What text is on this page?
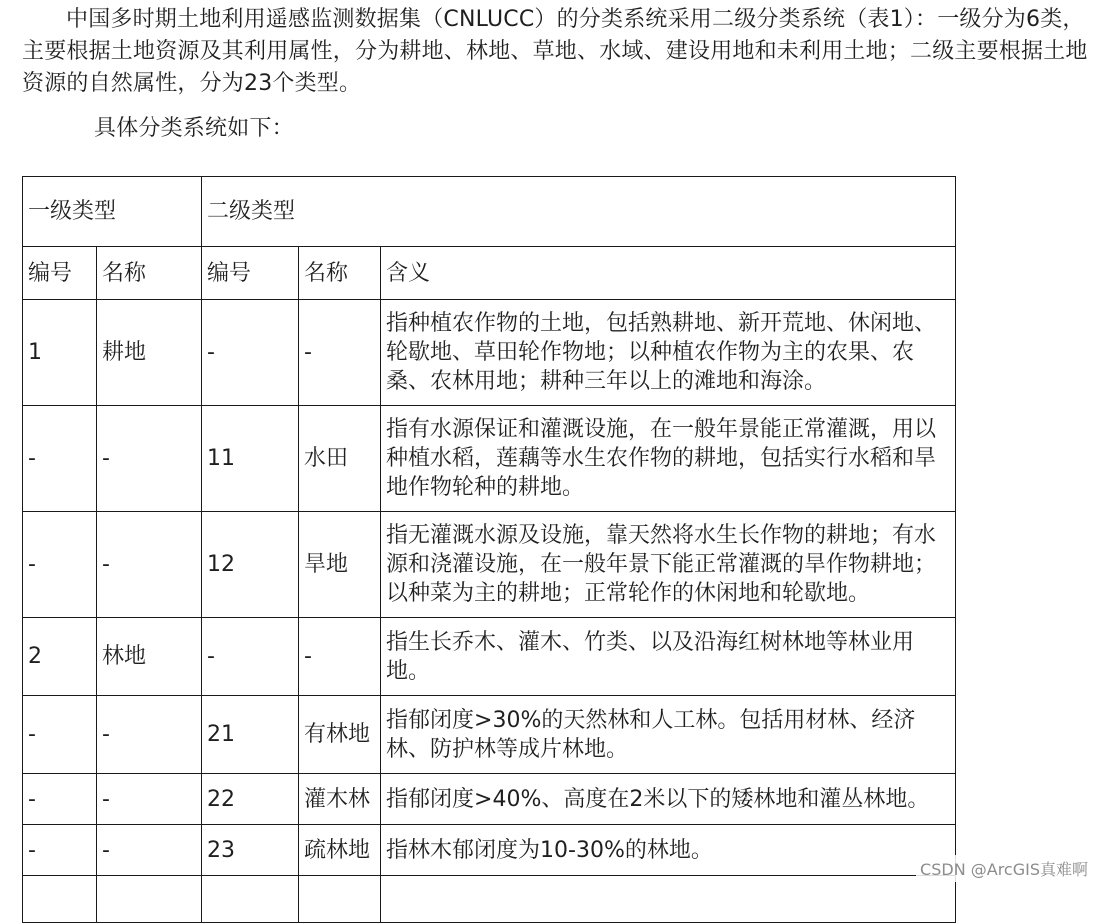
中国多时期土地利用遥感监测数据集（CNLUCC）的分类系统采用二级分类系统（表1）：一级分为6类，主要根据土地资源及其利用属性，分为耕地、林地、草地、水域、建设用地和未利用土地；二级主要根据土地资源的自然属性，分为23个类型。

具体分类系统如下：

一级类型		二级类型		
编号	名称	编号	名称	含义
1	耕地	-	-	指种植农作物的土地，包括熟耕地、新开荒地、休闲地、轮歇地、草田轮作物地；以种植农作物为主的农果、农桑、农林用地；耕种三年以上的滩地和海涂。
-	-	11	水田	指有水源保证和灌溉设施，在一般年景能正常灌溉，用以种植水稻，莲藕等水生农作物的耕地，包括实行水稻和旱地作物轮种的耕地。
-	-	12	旱地	指无灌溉水源及设施，靠天然将水生长作物的耕地；有水源和浇灌设施，在一般年景下能正常灌溉的旱作物耕地；以种菜为主的耕地；正常轮作的休闲地和轮歇地。
2	林地	-	-	指生长乔木、灌木、竹类、以及沿海红树林地等林业用地。
-	-	21	有林地	指郁闭度>30%的天然林和人工林。包括用材林、经济林、防护林等成片林地。
-	-	22	灌木林	指郁闭度>40%、高度在2米以下的矮林地和灌丛林地。
-	-	23	疏林地	指林木郁闭度为10-30%的林地。

CSDN @ArcGIS真难啊
